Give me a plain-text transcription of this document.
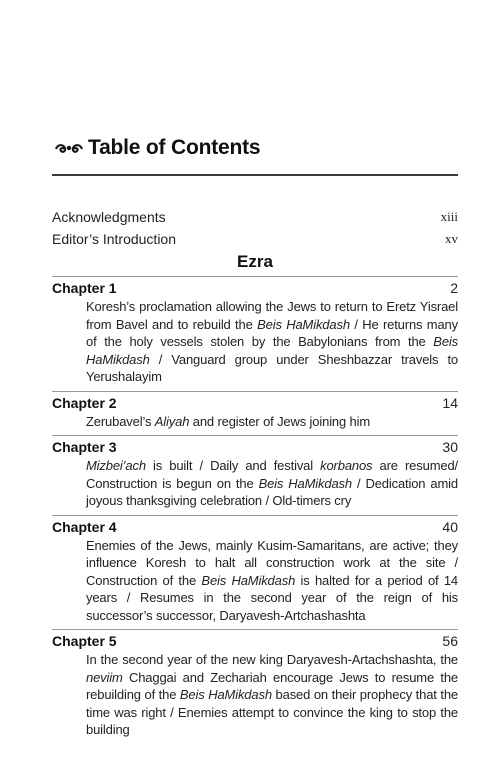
Table of Contents
Acknowledgments	xiii
Editor’s Introduction	xv
Ezra
Chapter 1	2

Koresh’s proclamation allowing the Jews to return to Eretz Yisrael from Bavel and to rebuild the Beis HaMikdash / He returns many of the holy vessels stolen by the Babylonians from the Beis HaMikdash / Vanguard group under Sheshbazzar travels to Yerushalayim

Chapter 2	14

Zerubavel’s Aliyah and register of Jews joining him

Chapter 3	30

Mizbei’ach is built / Daily and festival korbanos are resumed/ Construction is begun on the Beis HaMikdash / Dedication amid joyous thanksgiving celebration / Old-timers cry

Chapter 4	40

Enemies of the Jews, mainly Kusim-Samaritans, are active; they influence Koresh to halt all construction work at the site / Construction of the Beis HaMikdash is halted for a period of 14 years / Resumes in the second year of the reign of his successor’s successor, Daryavesh-Artchashashta

Chapter 5	56

In the second year of the new king Daryavesh-Artachshashta, the neviim Chaggai and Zechariah encourage Jews to resume the rebuilding of the Beis HaMikdash based on their prophecy that the time was right / Enemies attempt to convince the king to stop the building
